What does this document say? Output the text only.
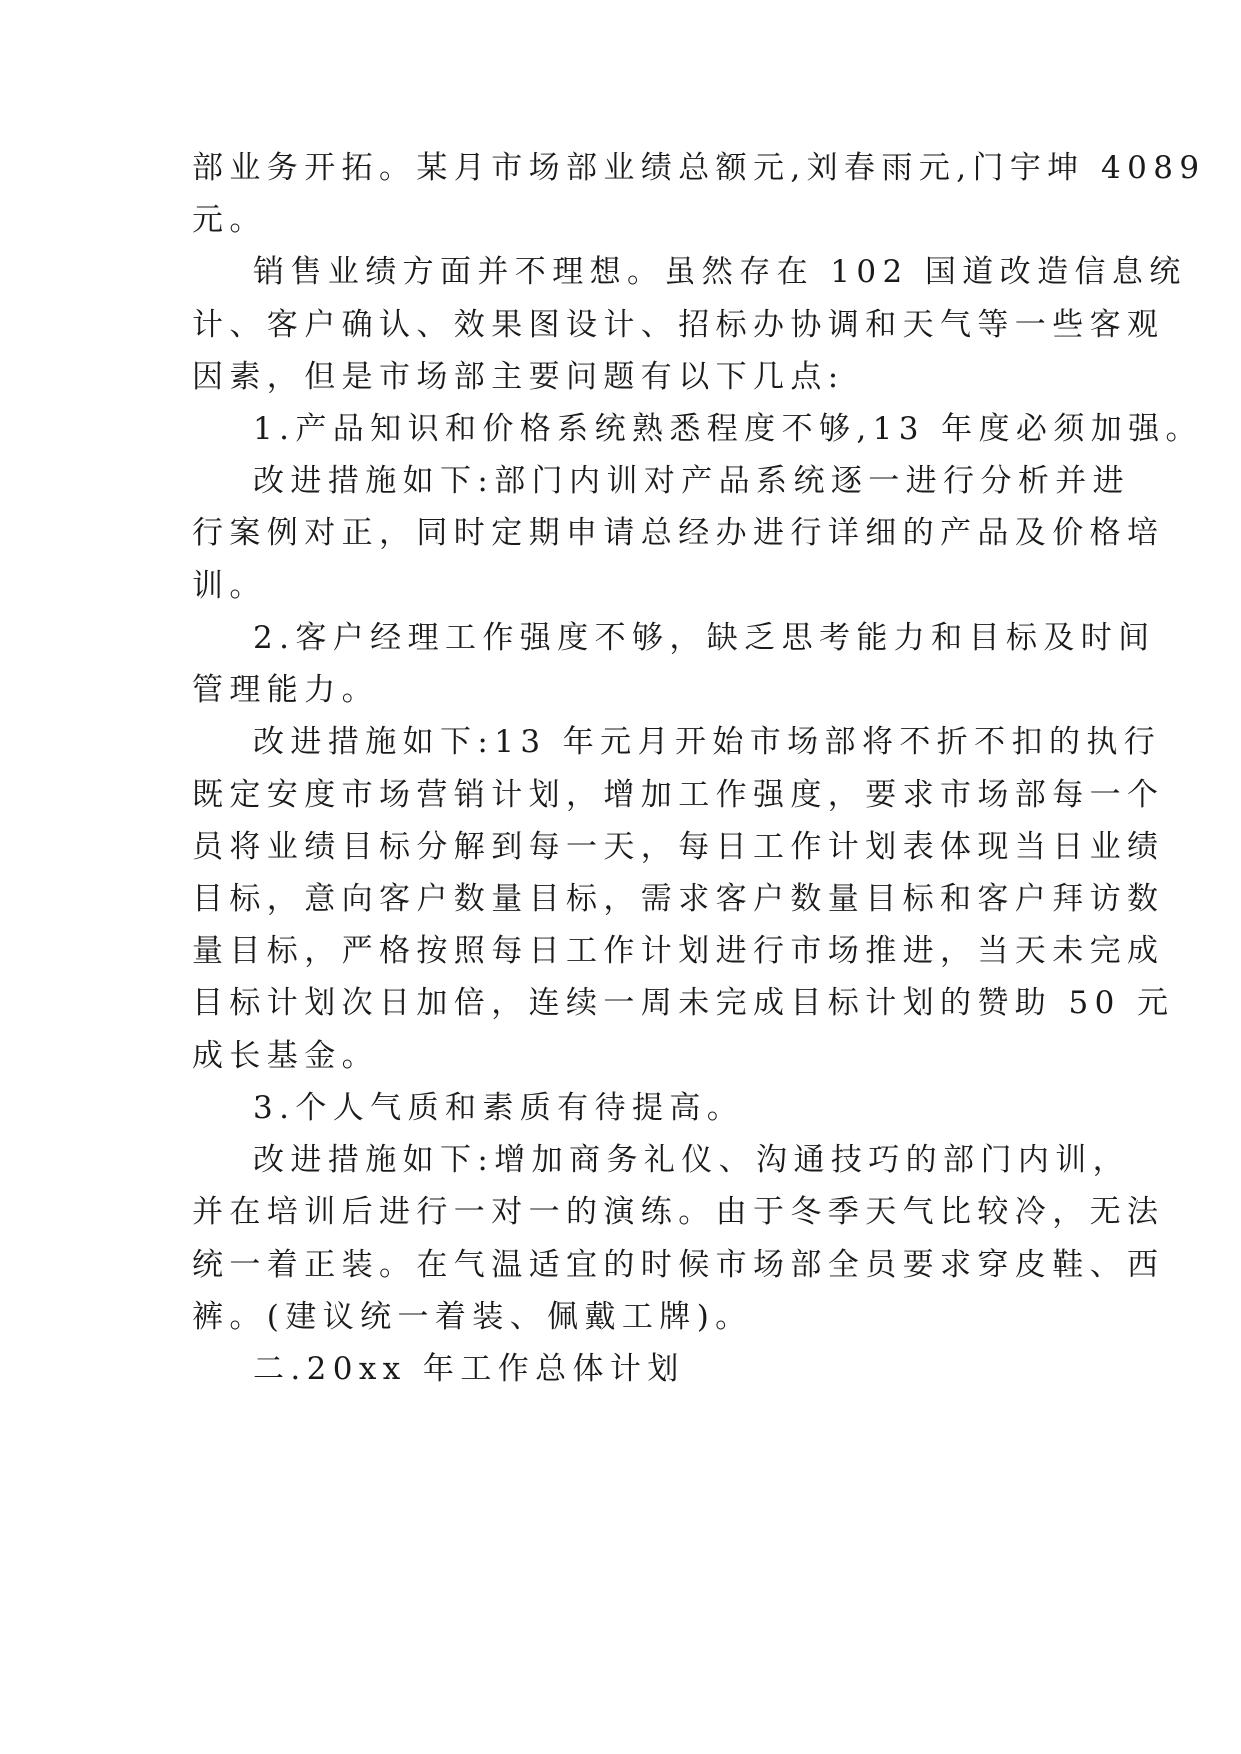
部业务开拓。某月市场部业绩总额元,刘春雨元,门宇坤 4089
元。
销售业绩方面并不理想。虽然存在 102 国道改造信息统
计、客户确认、效果图设计、招标办协调和天气等一些客观
因素，但是市场部主要问题有以下几点:
1.产品知识和价格系统熟悉程度不够,13 年度必须加强。
改进措施如下:部门内训对产品系统逐一进行分析并进
行案例对正，同时定期申请总经办进行详细的产品及价格培
训。
2.客户经理工作强度不够，缺乏思考能力和目标及时间
管理能力。
改进措施如下:13 年元月开始市场部将不折不扣的执行
既定安度市场营销计划，增加工作强度，要求市场部每一个
员将业绩目标分解到每一天，每日工作计划表体现当日业绩
目标，意向客户数量目标，需求客户数量目标和客户拜访数
量目标，严格按照每日工作计划进行市场推进，当天未完成
目标计划次日加倍，连续一周未完成目标计划的赞助 50 元
成长基金。
3.个人气质和素质有待提高。
改进措施如下:增加商务礼仪、沟通技巧的部门内训，
并在培训后进行一对一的演练。由于冬季天气比较冷，无法
统一着正装。在气温适宜的时候市场部全员要求穿皮鞋、西
裤。(建议统一着装、佩戴工牌)。
二.20xx 年工作总体计划
